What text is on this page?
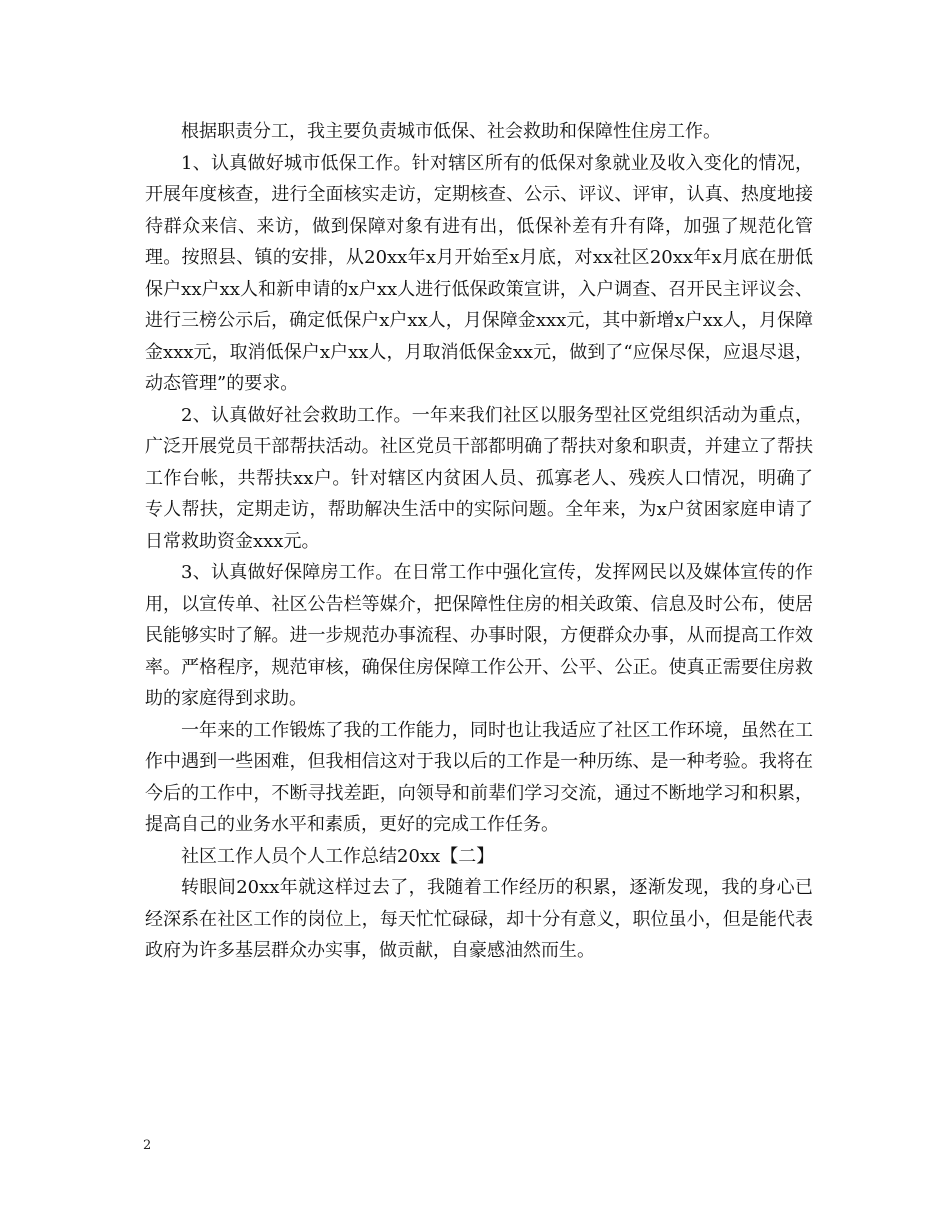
根据职责分工，我主要负责城市低保、社会救助和保障性住房工作。

1、认真做好城市低保工作。针对辖区所有的低保对象就业及收入变化的情况，开展年度核查，进行全面核实走访，定期核查、公示、评议、评审，认真、热度地接待群众来信、来访，做到保障对象有进有出，低保补差有升有降，加强了规范化管理。按照县、镇的安排，从20xx年x月开始至x月底，对xx社区20xx年x月底在册低保户xx户xx人和新申请的x户xx人进行低保政策宣讲，入户调查、召开民主评议会、进行三榜公示后，确定低保户x户xx人，月保障金xxx元，其中新增x户xx人，月保障金xxx元，取消低保户x户xx人，月取消低保金xx元，做到了“应保尽保，应退尽退，动态管理”的要求。

2、认真做好社会救助工作。一年来我们社区以服务型社区党组织活动为重点，广泛开展党员干部帮扶活动。社区党员干部都明确了帮扶对象和职责，并建立了帮扶工作台帐，共帮扶xx户。针对辖区内贫困人员、孤寡老人、残疾人口情况，明确了专人帮扶，定期走访，帮助解决生活中的实际问题。全年来，为x户贫困家庭申请了日常救助资金xxx元。

3、认真做好保障房工作。在日常工作中强化宣传，发挥网民以及媒体宣传的作用，以宣传单、社区公告栏等媒介，把保障性住房的相关政策、信息及时公布，使居民能够实时了解。进一步规范办事流程、办事时限，方便群众办事，从而提高工作效率。严格程序，规范审核，确保住房保障工作公开、公平、公正。使真正需要住房救助的家庭得到求助。

一年来的工作锻炼了我的工作能力，同时也让我适应了社区工作环境，虽然在工作中遇到一些困难，但我相信这对于我以后的工作是一种历练、是一种考验。我将在今后的工作中，不断寻找差距，向领导和前辈们学习交流，通过不断地学习和积累，提高自己的业务水平和素质，更好的完成工作任务。

社区工作人员个人工作总结20xx【二】

转眼间20xx年就这样过去了，我随着工作经历的积累，逐渐发现，我的身心已经深系在社区工作的岗位上，每天忙忙碌碌，却十分有意义，职位虽小，但是能代表政府为许多基层群众办实事，做贡献，自豪感油然而生。

2
